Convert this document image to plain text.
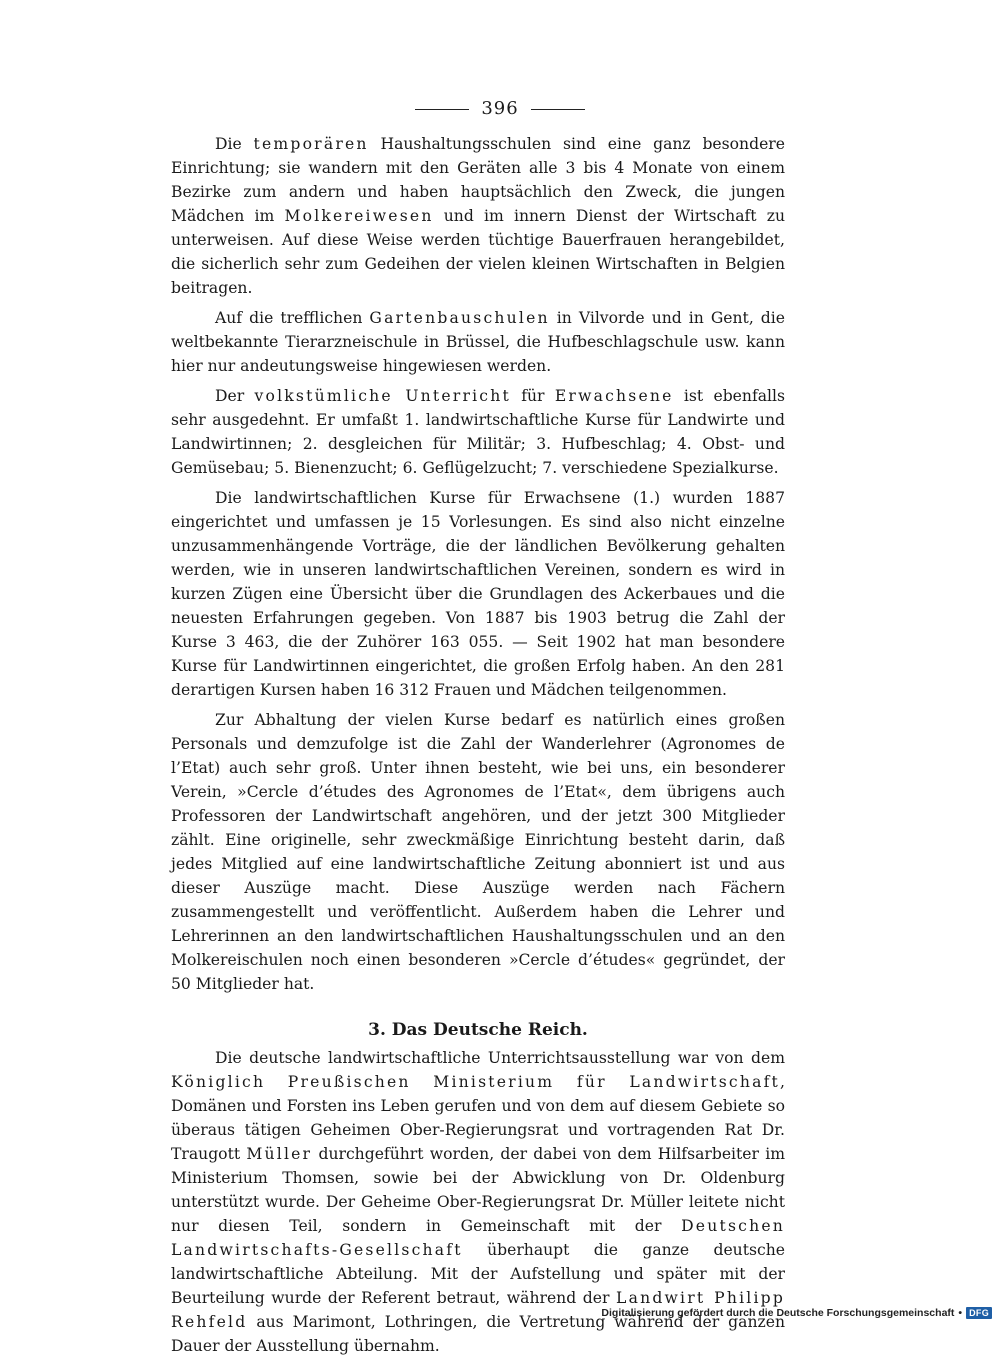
396

Die temporären Haushaltungsschulen sind eine ganz besondere Einrichtung; sie wandern mit den Geräten alle 3 bis 4 Monate von einem Bezirke zum andern und haben hauptsächlich den Zweck, die jungen Mädchen im Molkereiwesen und im innern Dienst der Wirtschaft zu unterweisen. Auf diese Weise werden tüchtige Bauerfrauen herangebildet, die sicherlich sehr zum Gedeihen der vielen kleinen Wirtschaften in Belgien beitragen.

Auf die trefflichen Gartenbauschulen in Vilvorde und in Gent, die weltbekannte Tierarzneischule in Brüssel, die Hufbeschlagschule usw. kann hier nur andeutungsweise hingewiesen werden.

Der volkstümliche Unterricht für Erwachsene ist ebenfalls sehr ausgedehnt. Er umfaßt 1. landwirtschaftliche Kurse für Landwirte und Landwirtinnen; 2. desgleichen für Militär; 3. Hufbeschlag; 4. Obst- und Gemüsebau; 5. Bienenzucht; 6. Geflügelzucht; 7. verschiedene Spezialkurse.

Die landwirtschaftlichen Kurse für Erwachsene (1.) wurden 1887 eingerichtet und umfassen je 15 Vorlesungen. Es sind also nicht einzelne unzusammenhängende Vorträge, die der ländlichen Bevölkerung gehalten werden, wie in unseren landwirtschaftlichen Vereinen, sondern es wird in kurzen Zügen eine Übersicht über die Grundlagen des Ackerbaues und die neuesten Erfahrungen gegeben. Von 1887 bis 1903 betrug die Zahl der Kurse 3 463, die der Zuhörer 163 055. — Seit 1902 hat man besondere Kurse für Landwirtinnen eingerichtet, die großen Erfolg haben. An den 281 derartigen Kursen haben 16 312 Frauen und Mädchen teilgenommen.

Zur Abhaltung der vielen Kurse bedarf es natürlich eines großen Personals und demzufolge ist die Zahl der Wanderlehrer (Agronomes de l’Etat) auch sehr groß. Unter ihnen besteht, wie bei uns, ein besonderer Verein, »Cercle d’études des Agronomes de l’Etat«, dem übrigens auch Professoren der Landwirtschaft angehören, und der jetzt 300 Mitglieder zählt. Eine originelle, sehr zweckmäßige Einrichtung besteht darin, daß jedes Mitglied auf eine landwirtschaftliche Zeitung abonniert ist und aus dieser Auszüge macht. Diese Auszüge werden nach Fächern zusammengestellt und veröffentlicht. Außerdem haben die Lehrer und Lehrerinnen an den landwirtschaftlichen Haushaltungsschulen und an den Molkereischulen noch einen besonderen »Cercle d’études« gegründet, der 50 Mitglieder hat.

3. Das Deutsche Reich.

Die deutsche landwirtschaftliche Unterrichtsausstellung war von dem Königlich Preußischen Ministerium für Landwirtschaft, Domänen und Forsten ins Leben gerufen und von dem auf diesem Gebiete so überaus tätigen Geheimen Ober-Regierungsrat und vortragenden Rat Dr. Traugott Müller durchgeführt worden, der dabei von dem Hilfsarbeiter im Ministerium Thomsen, sowie bei der Abwicklung von Dr. Oldenburg unterstützt wurde. Der Geheime Ober-Regierungsrat Dr. Müller leitete nicht nur diesen Teil, sondern in Gemeinschaft mit der Deutschen Landwirtschafts-Gesellschaft überhaupt die ganze deutsche landwirtschaftliche Abteilung. Mit der Aufstellung und später mit der Beurteilung wurde der Referent betraut, während der Landwirt Philipp Rehfeld aus Marimont, Lothringen, die Vertretung während der ganzen Dauer der Ausstellung übernahm.

Digitalisierung gefördert durch die Deutsche Forschungsgemeinschaft • DFG
